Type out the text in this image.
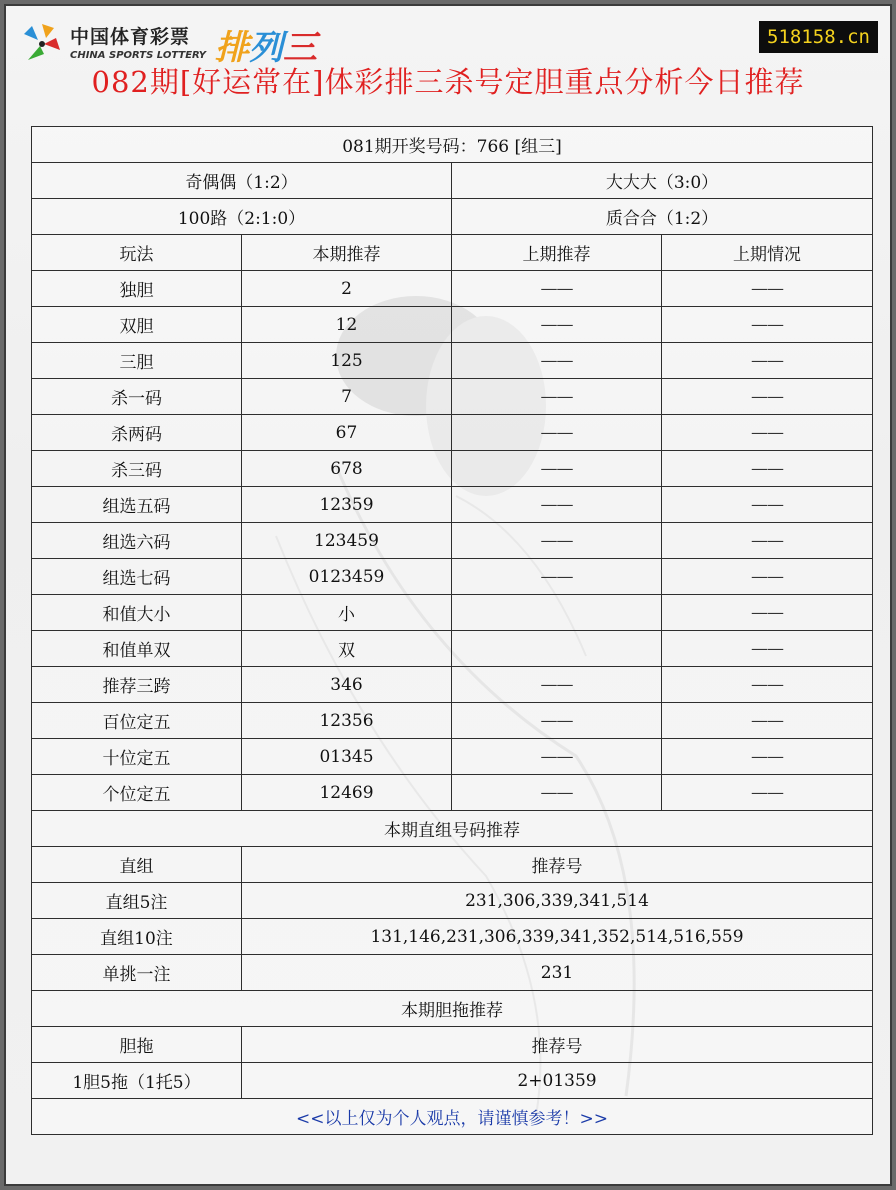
中国体育彩票
CHINA SPORTS LOTTERY 排列三	518158.cn
082期[好运常在]体彩排三杀号定胆重点分析今日推荐
081期开奖号码：766 [组三]			
奇偶偶（1:2）		大大大（3:0）	
100路（2:1:0）		质合合（1:2）	
玩法	本期推荐	上期推荐	上期情况
独胆	2	——	——
双胆	12	——	——
三胆	125	——	——
杀一码	7	——	——
杀两码	67	——	——
杀三码	678	——	——
组选五码	12359	——	——
组选六码	123459	——	——
组选七码	0123459	——	——
和值大小	小		——
和值单双	双		——
推荐三跨	346	——	——
百位定五	12356	——	——
十位定五	01345	——	——
个位定五	12469	——	——
本期直组号码推荐			
直组	推荐号		
直组5注	231,306,339,341,514		
直组10注	131,146,231,306,339,341,352,514,516,559		
单挑一注	231		
本期胆拖推荐			
胆拖	推荐号		
1胆5拖（1托5）	2+01359		
<<以上仅为个人观点，请谨慎参考！>>			
